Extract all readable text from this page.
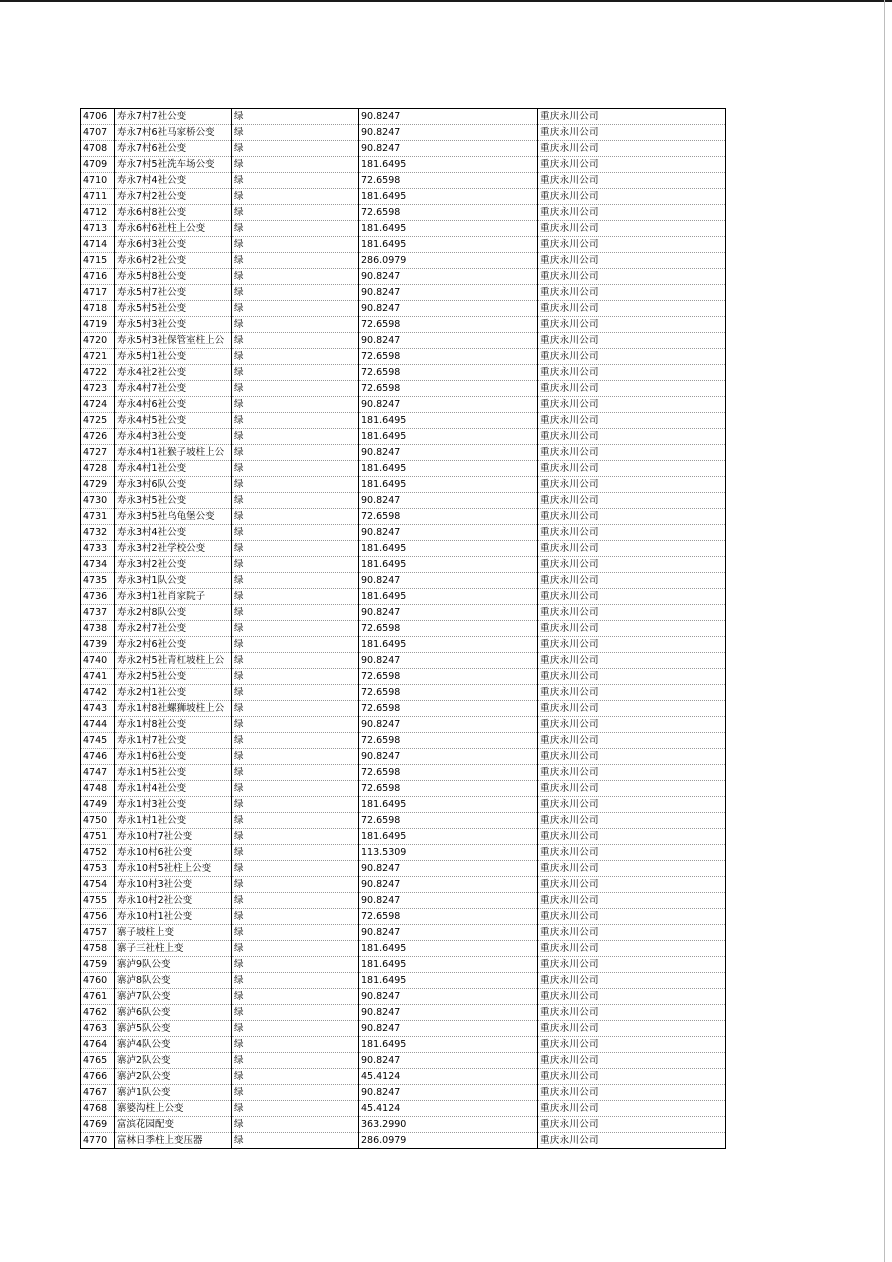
4706	寿永7村7社公变	绿	90.8247	重庆永川公司
4707	寿永7村6社马家桥公变	绿	90.8247	重庆永川公司
4708	寿永7村6社公变	绿	90.8247	重庆永川公司
4709	寿永7村5社洗车场公变	绿	181.6495	重庆永川公司
4710	寿永7村4社公变	绿	72.6598	重庆永川公司
4711	寿永7村2社公变	绿	181.6495	重庆永川公司
4712	寿永6村8社公变	绿	72.6598	重庆永川公司
4713	寿永6村6社柱上公变	绿	181.6495	重庆永川公司
4714	寿永6村3社公变	绿	181.6495	重庆永川公司
4715	寿永6村2社公变	绿	286.0979	重庆永川公司
4716	寿永5村8社公变	绿	90.8247	重庆永川公司
4717	寿永5村7社公变	绿	90.8247	重庆永川公司
4718	寿永5村5社公变	绿	90.8247	重庆永川公司
4719	寿永5村3社公变	绿	72.6598	重庆永川公司
4720	寿永5村3社保管室柱上公	绿	90.8247	重庆永川公司
4721	寿永5村1社公变	绿	72.6598	重庆永川公司
4722	寿永4社2社公变	绿	72.6598	重庆永川公司
4723	寿永4村7社公变	绿	72.6598	重庆永川公司
4724	寿永4村6社公变	绿	90.8247	重庆永川公司
4725	寿永4村5社公变	绿	181.6495	重庆永川公司
4726	寿永4村3社公变	绿	181.6495	重庆永川公司
4727	寿永4村1社猴子坡柱上公	绿	90.8247	重庆永川公司
4728	寿永4村1社公变	绿	181.6495	重庆永川公司
4729	寿永3村6队公变	绿	181.6495	重庆永川公司
4730	寿永3村5社公变	绿	90.8247	重庆永川公司
4731	寿永3村5社乌龟堡公变	绿	72.6598	重庆永川公司
4732	寿永3村4社公变	绿	90.8247	重庆永川公司
4733	寿永3村2社学校公变	绿	181.6495	重庆永川公司
4734	寿永3村2社公变	绿	181.6495	重庆永川公司
4735	寿永3村1队公变	绿	90.8247	重庆永川公司
4736	寿永3村1社肖家院子	绿	181.6495	重庆永川公司
4737	寿永2村8队公变	绿	90.8247	重庆永川公司
4738	寿永2村7社公变	绿	72.6598	重庆永川公司
4739	寿永2村6社公变	绿	181.6495	重庆永川公司
4740	寿永2村5社青杠坡柱上公	绿	90.8247	重庆永川公司
4741	寿永2村5社公变	绿	72.6598	重庆永川公司
4742	寿永2村1社公变	绿	72.6598	重庆永川公司
4743	寿永1村8社螺狮坡柱上公	绿	72.6598	重庆永川公司
4744	寿永1村8社公变	绿	90.8247	重庆永川公司
4745	寿永1村7社公变	绿	72.6598	重庆永川公司
4746	寿永1村6社公变	绿	90.8247	重庆永川公司
4747	寿永1村5社公变	绿	72.6598	重庆永川公司
4748	寿永1村4社公变	绿	72.6598	重庆永川公司
4749	寿永1村3社公变	绿	181.6495	重庆永川公司
4750	寿永1村1社公变	绿	72.6598	重庆永川公司
4751	寿永10村7社公变	绿	181.6495	重庆永川公司
4752	寿永10村6社公变	绿	113.5309	重庆永川公司
4753	寿永10村5社柱上公变	绿	90.8247	重庆永川公司
4754	寿永10村3社公变	绿	90.8247	重庆永川公司
4755	寿永10村2社公变	绿	90.8247	重庆永川公司
4756	寿永10村1社公变	绿	72.6598	重庆永川公司
4757	寨子坡柱上变	绿	90.8247	重庆永川公司
4758	寨子三社柱上变	绿	181.6495	重庆永川公司
4759	寨泸9队公变	绿	181.6495	重庆永川公司
4760	寨泸8队公变	绿	181.6495	重庆永川公司
4761	寨泸7队公变	绿	90.8247	重庆永川公司
4762	寨泸6队公变	绿	90.8247	重庆永川公司
4763	寨泸5队公变	绿	90.8247	重庆永川公司
4764	寨泸4队公变	绿	181.6495	重庆永川公司
4765	寨泸2队公变	绿	90.8247	重庆永川公司
4766	寨泸2队公变	绿	45.4124	重庆永川公司
4767	寨泸1队公变	绿	90.8247	重庆永川公司
4768	寨婆沟柱上公变	绿	45.4124	重庆永川公司
4769	富滨花园配变	绿	363.2990	重庆永川公司
4770	富林日季柱上变压器	绿	286.0979	重庆永川公司
